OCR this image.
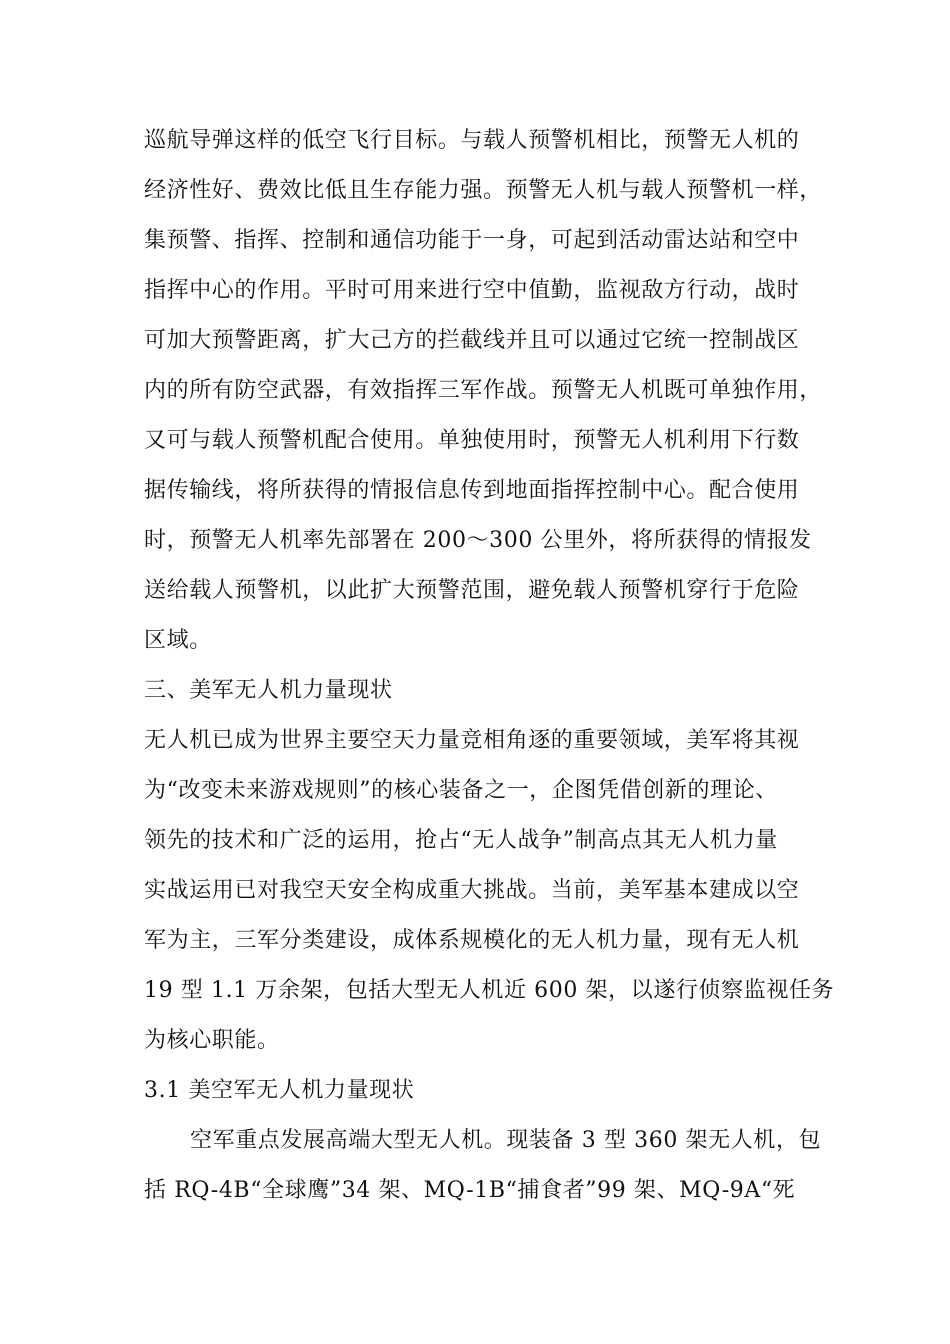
巡航导弹这样的低空飞行目标。与载人预警机相比，预警无人机的
经济性好、费效比低且生存能力强。预警无人机与载人预警机一样，
集预警、指挥、控制和通信功能于一身，可起到活动雷达站和空中
指挥中心的作用。平时可用来进行空中值勤，监视敌方行动，战时
可加大预警距离，扩大己方的拦截线并且可以通过它统一控制战区
内的所有防空武器，有效指挥三军作战。预警无人机既可单独作用，
又可与载人预警机配合使用。单独使用时，预警无人机利用下行数
据传输线，将所获得的情报信息传到地面指挥控制中心。配合使用
时，预警无人机率先部署在 200～300 公里外，将所获得的情报发
送给载人预警机，以此扩大预警范围，避免载人预警机穿行于危险
区域。
三、美军无人机力量现状
无人机已成为世界主要空天力量竞相角逐的重要领域，美军将其视
为“改变未来游戏规则”的核心装备之一，企图凭借创新的理论、
领先的技术和广泛的运用，抢占“无人战争”制高点其无人机力量
实战运用已对我空天安全构成重大挑战。当前，美军基本建成以空
军为主，三军分类建设，成体系规模化的无人机力量，现有无人机
19 型 1.1 万余架，包括大型无人机近 600 架，以遂行侦察监视任务
为核心职能。
3.1 美空军无人机力量现状
空军重点发展高端大型无人机。现装备 3 型 360 架无人机，包
括 RQ-4B“全球鹰”34 架、MQ-1B“捕食者”99 架、MQ-9A“死
